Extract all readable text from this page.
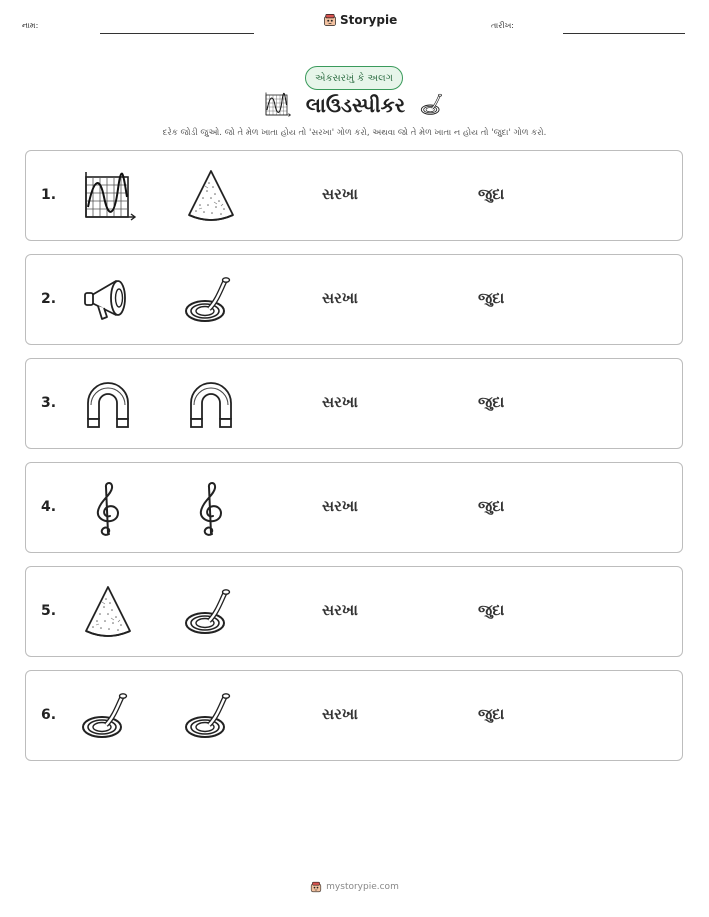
નામ:	Storypie	તારીખ:
એકસરખું કે અલગ
લાઉડસ્પીકર
દરેક જોડી જુઓ. જો તે મેળ ખાતા હોય તો 'સરખા' ગોળ કરો, અથવા જો તે મેળ ખાતા ન હોય તો 'જુદા' ગોળ કરો.
1.	સરખા	જુદા
2.	સરખા	જુદા
3.	સરખા	જુદા
4.	સરખા	જુદા
5.	સરખા	જુદા
6.	સરખા	જુદા
mystorypie.com
